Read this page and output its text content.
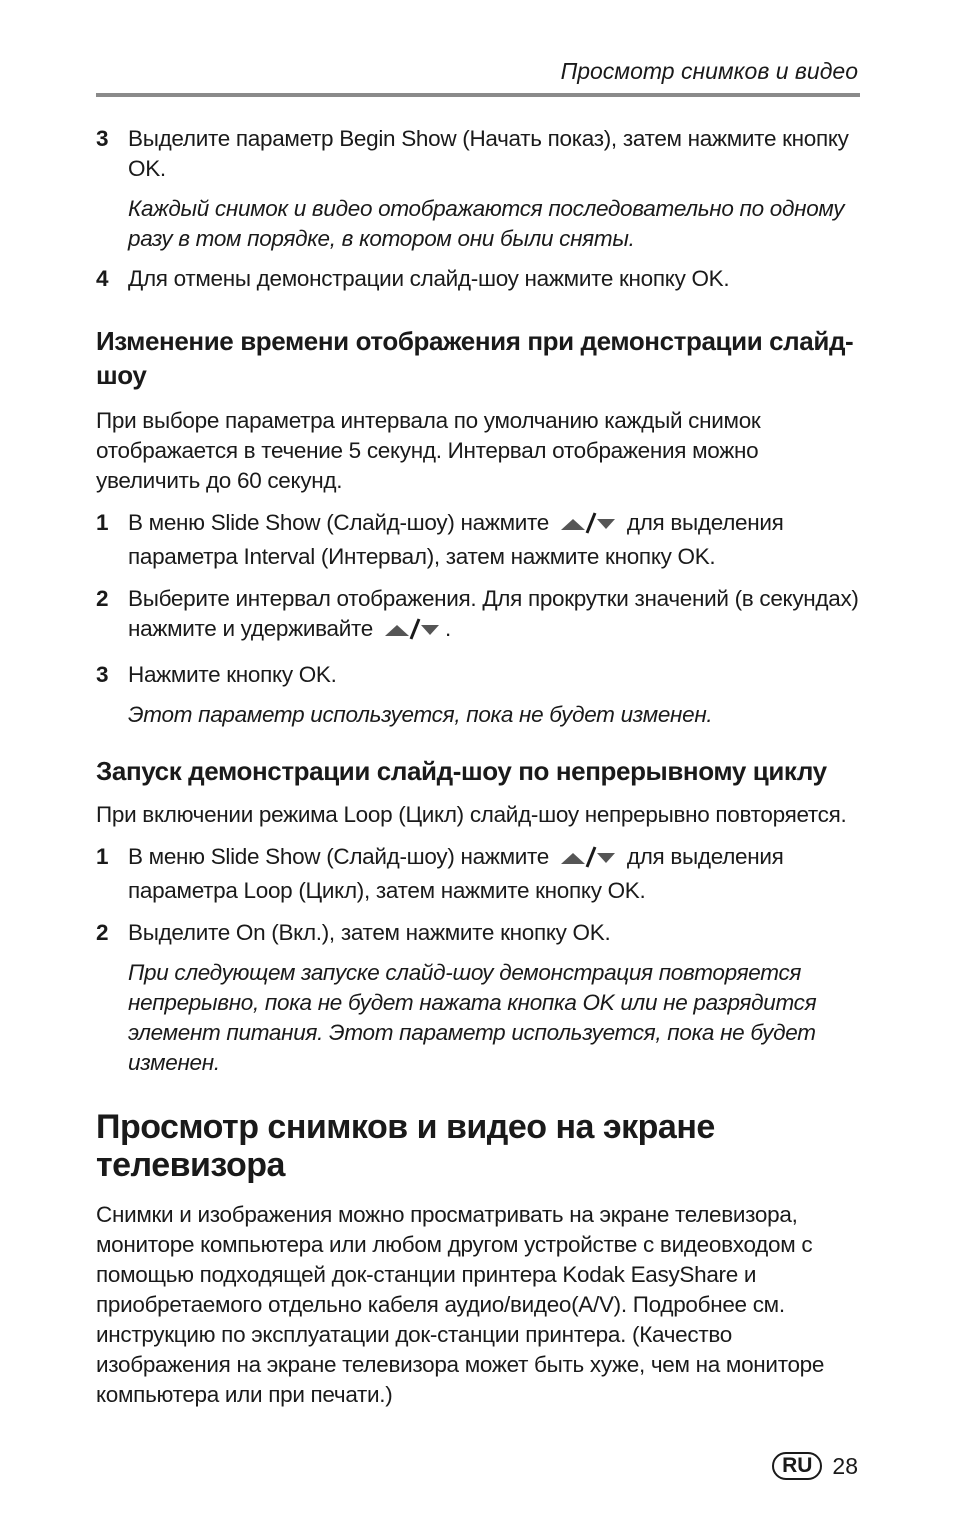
Просмотр снимков и видео

3 Выделите параметр Begin Show (Начать показ), затем нажмите кнопку OK.

Каждый снимок и видео отображаются последовательно по одному разу в том порядке, в котором они были сняты.

4 Для отмены демонстрации слайд-шоу нажмите кнопку OK.

Изменение времени отображения при демонстрации слайд-шоу

При выборе параметра интервала по умолчанию каждый снимок отображается в течение 5 секунд. Интервал отображения можно увеличить до 60 секунд.

1 В меню Slide Show (Слайд-шоу) нажмите	для выделения параметра Interval (Интервал), затем нажмите кнопку OK.

2 Выберите интервал отображения. Для прокрутки значений (в секундах) нажмите и удерживайте	.

3 Нажмите кнопку OK.

Этот параметр используется, пока не будет изменен.

Запуск демонстрации слайд-шоу по непрерывному циклу

При включении режима Loop (Цикл) слайд-шоу непрерывно повторяется.

1 В меню Slide Show (Слайд-шоу) нажмите	для выделения параметра Loop (Цикл), затем нажмите кнопку OK.

2 Выделите On (Вкл.), затем нажмите кнопку OK.

При следующем запуске слайд-шоу демонстрация повторяется непрерывно, пока не будет нажата кнопка OK или не разрядится элемент питания. Этот параметр используется, пока не будет изменен.

Просмотр снимков и видео на экране телевизора

Снимки и изображения можно просматривать на экране телевизора, мониторе компьютера или любом другом устройстве с видеовходом с помощью подходящей док-станции принтера Kodak EasyShare и приобретаемого отдельно кабеля аудио/видео(A/V). Подробнее см. инструкцию по эксплуатации док-станции принтера. (Качество изображения на экране телевизора может быть хуже, чем на мониторе компьютера или при печати.)

RU 28
